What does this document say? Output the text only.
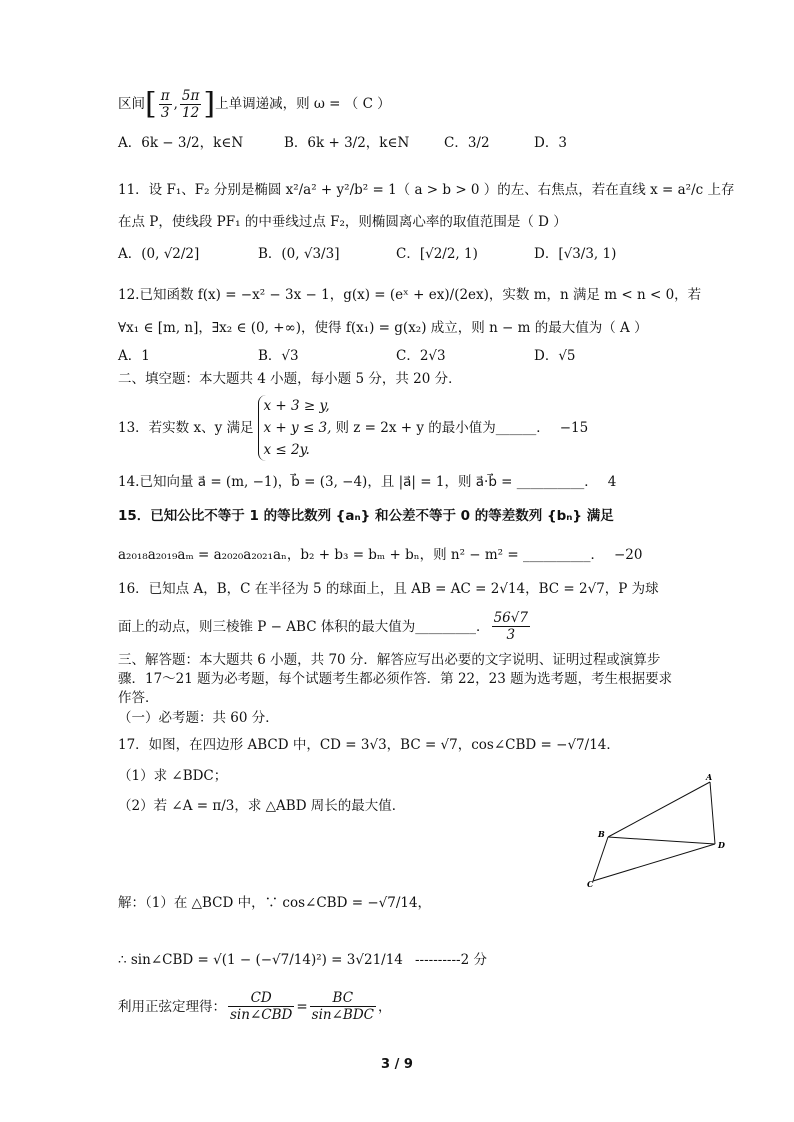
区间[ $\frac{\pi}{3}$ , $\frac{5\pi}{12}$ ]上单调递减，则 ω = （ C ）
A．6k − 3/2，k∈N	B．6k + 3/2，k∈N	C．3/2	D．3
11．设 F₁、F₂ 分别是椭圆 x²/a² + y²/b² = 1（ a > b > 0 ）的左、右焦点，若在直线 x = a²/c 上存
在点 P，使线段 PF₁ 的中垂线过点 F₂，则椭圆离心率的取值范围是（ D ）
A．(0, √2/2]	B．(0, √3/3]	C．[√2/2, 1)	D．[√3/3, 1)
12.已知函数 f(x) = −x² − 3x − 1，g(x) = (eˣ + ex)/(2ex)，实数 m，n 满足 m < n < 0，若
∀x₁ ∈ [m, n]，∃x₂ ∈ (0, +∞)，使得 f(x₁) = g(x₂) 成立，则 n − m 的最大值为（ A ）
A．1	B．√3	C．2√3	D．√5
二、填空题：本大题共 4 小题，每小题 5 分，共 20 分．
13．若实数 x、y 满足
x + 3 ≥ y,
x + y ≤ 3,
x ≤ 2y.
则 z = 2x + y 的最小值为______． −15
14.已知向量 a⃗ = (m, −1)，b⃗ = (3, −4)，且 |a⃗| = 1，则 a⃗·b⃗ = __________． 4
15．已知公比不等于 1 的等比数列 {aₙ} 和公差不等于 0 的等差数列 {bₙ} 满足
a₂₀₁₈a₂₀₁₉aₘ = a₂₀₂₀a₂₀₂₁aₙ，b₂ + b₃ = bₘ + bₙ，则 n² − m² = __________． −20
16．已知点 A，B，C 在半径为 5 的球面上，且 AB = AC = 2√14，BC = 2√7，P 为球
面上的动点，则三棱锥 P − ABC 体积的最大值为_________． $\frac{56√7}{3}$
三、解答题：本大题共 6 小题，共 70 分．解答应写出必要的文字说明、证明过程或演算步
骤．17～21 题为必考题，每个试题考生都必须作答．第 22，23 题为选考题，考生根据要求
作答．
（一）必考题：共 60 分．
17．如图，在四边形 ABCD 中，CD = 3√3，BC = √7，cos∠CBD = −√7/14．
（1）求 ∠BDC；
（2）若 ∠A = π/3，求 △ABD 周长的最大值．
A
B
C
D
解：（1）在 △BCD 中，∵ cos∠CBD = −√7/14，
∴ sin∠CBD = √(1 − (−√7/14)²) = 3√21/14 ----------2 分
利用正弦定理得： $\frac{CD}{\text{sin∠CBD}} = \frac{BC}{\text{sin∠BDC}}$ ，
3 / 9
